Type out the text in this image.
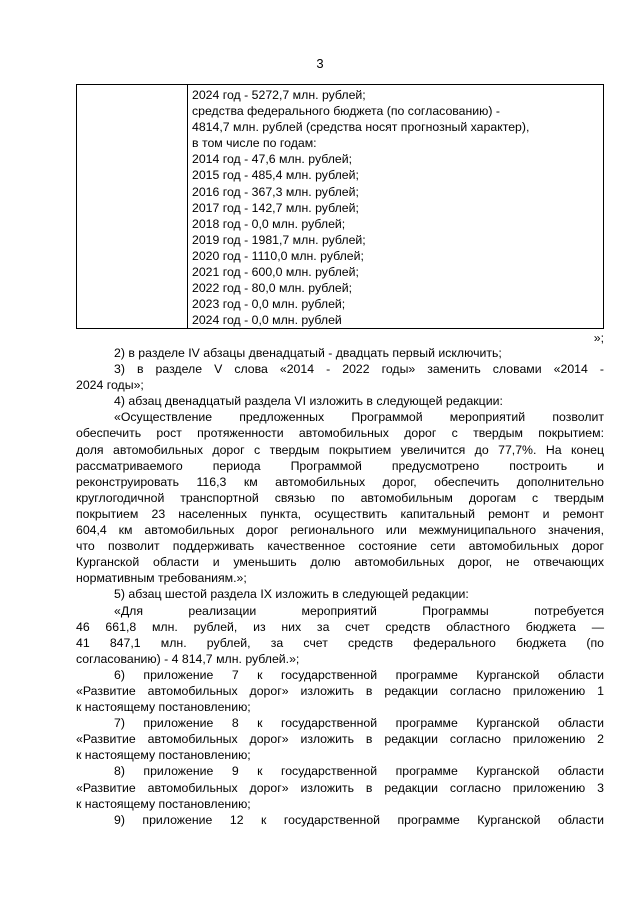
3

2024 год - 5272,7 млн. рублей;
средства федерального бюджета (по согласованию) -
4814,7 млн. рублей (средства носят прогнозный характер),
в том числе по годам:
2014 год - 47,6 млн. рублей;
2015 год - 485,4 млн. рублей;
2016 год - 367,3 млн. рублей;
2017 год - 142,7 млн. рублей;
2018 год - 0,0 млн. рублей;
2019 год - 1981,7 млн. рублей;
2020 год - 1110,0 млн. рублей;
2021 год - 600,0 млн. рублей;
2022 год - 80,0 млн. рублей;
2023 год - 0,0 млн. рублей;
2024 год - 0,0 млн. рублей
»;

2) в разделе IV абзацы двенадцатый - двадцать первый исключить;

3) в разделе V слова «2014 - 2022 годы» заменить словами «2014 -
2024 годы»;

4) абзац двенадцатый раздела VI изложить в следующей редакции:

«Осуществление предложенных Программой мероприятий позволит
обеспечить рост протяженности автомобильных дорог с твердым покрытием:
доля автомобильных дорог с твердым покрытием увеличится до 77,7%. На конец
рассматриваемого периода Программой предусмотрено построить и
реконструировать 116,3 км автомобильных дорог, обеспечить дополнительно
круглогодичной транспортной связью по автомобильным дорогам с твердым
покрытием 23 населенных пункта, осуществить капитальный ремонт и ремонт
604,4 км автомобильных дорог регионального или межмуниципального значения,
что позволит поддерживать качественное состояние сети автомобильных дорог
Курганской области и уменьшить долю автомобильных дорог, не отвечающих
нормативным требованиям.»;

5) абзац шестой раздела IX изложить в следующей редакции:

«Для реализации мероприятий Программы потребуется
46 661,8 млн. рублей, из них за счет средств областного бюджета —
41 847,1 млн. рублей, за счет средств федерального бюджета (по
согласованию) - 4 814,7 млн. рублей.»;

6) приложение 7 к государственной программе Курганской области
«Развитие автомобильных дорог» изложить в редакции согласно приложению 1
к настоящему постановлению;

7) приложение 8 к государственной программе Курганской области
«Развитие автомобильных дорог» изложить в редакции согласно приложению 2
к настоящему постановлению;

8) приложение 9 к государственной программе Курганской области
«Развитие автомобильных дорог» изложить в редакции согласно приложению 3
к настоящему постановлению;

9) приложение 12 к государственной программе Курганской области
